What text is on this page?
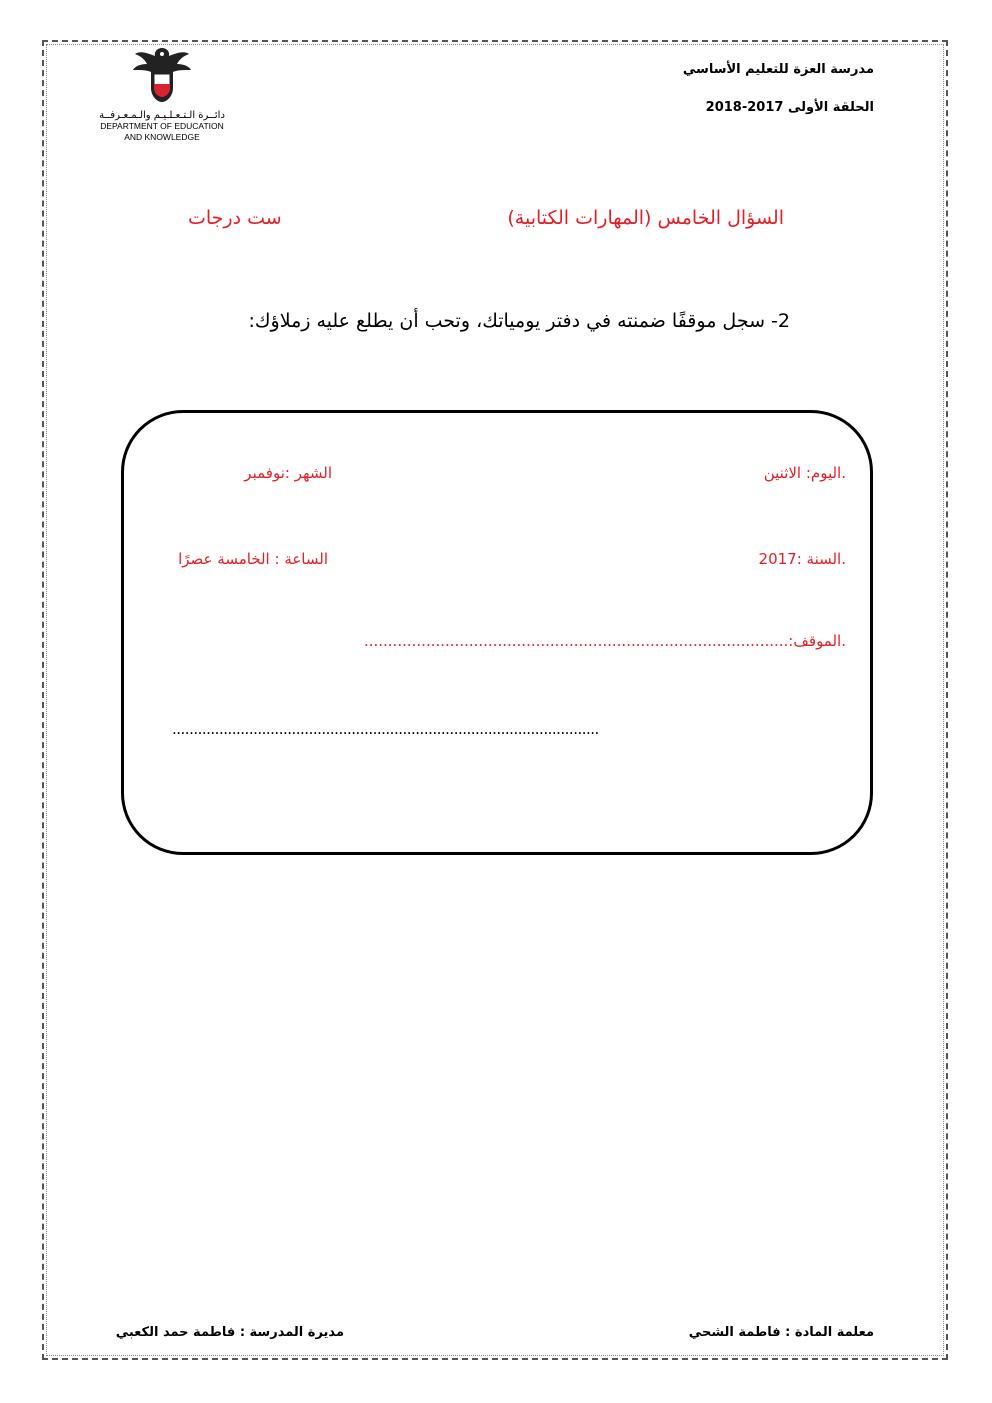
مدرسة العزة للتعليم الأساسي
الحلقة الأولى 2017-2018
دائــرة الـتـعـلـيـم والـمـعـرفــة
DEPARTMENT OF EDUCATION
AND KNOWLEDGE
السؤال الخامس (المهارات الكتابية)
ست درجات
2- سجل موقفًا ضمنته في دفتر يومياتك، وتحب أن يطلع عليه زملاؤك:
.اليوم: الاثنين
الشهر :نوفمبر
.السنة :2017
الساعة : الخامسة عصرًا
.الموقف:.........................................................................................
....................................................................................................
معلمة المادة : فاطمة الشحي
مديرة المدرسة : فاطمة حمد الكعبي
